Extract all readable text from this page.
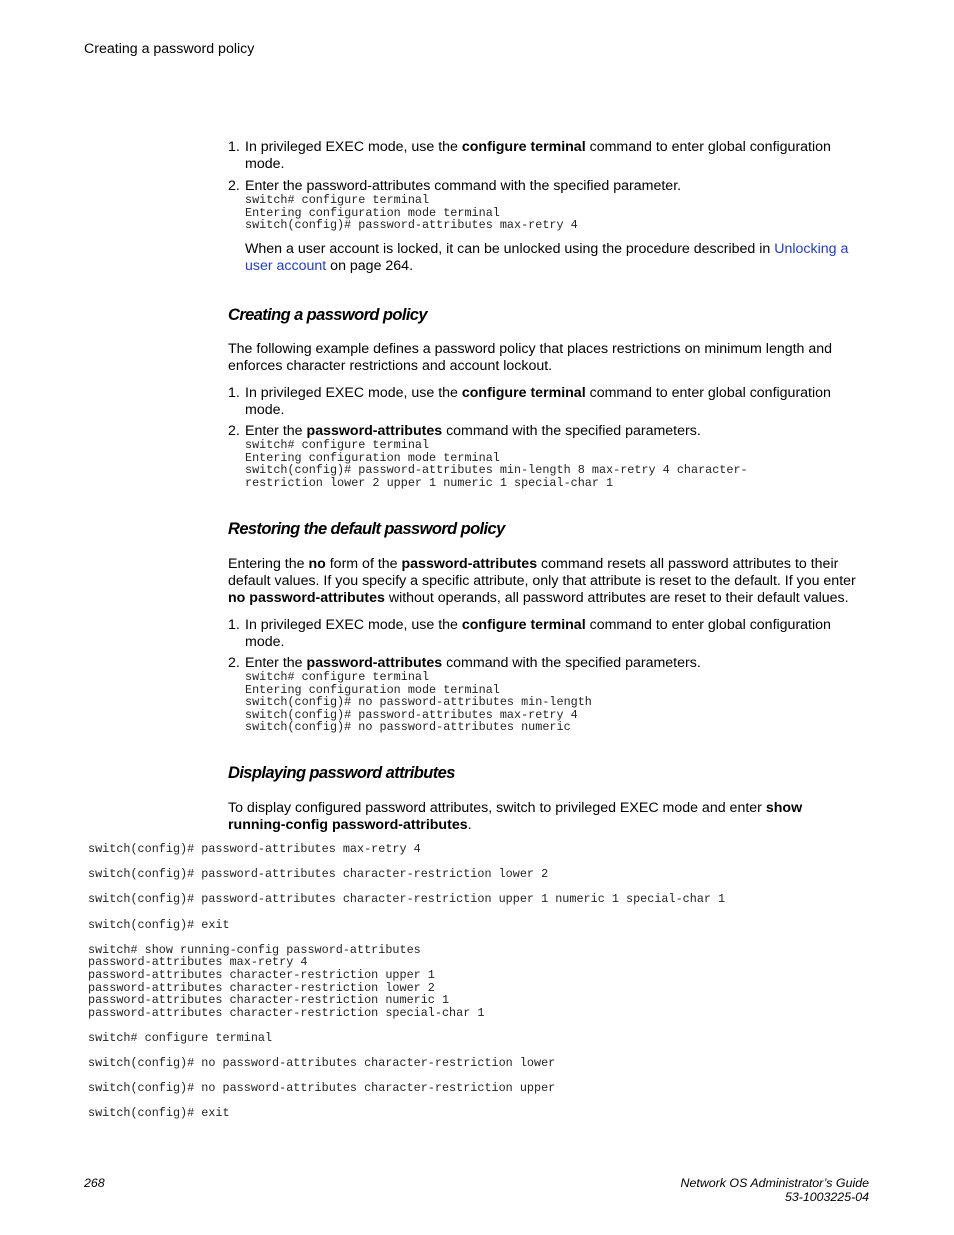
Creating a password policy
1. In privileged EXEC mode, use the configure terminal command to enter global configuration mode.
2. Enter the password-attributes command with the specified parameter.
switch# configure terminal
Entering configuration mode terminal
switch(config)# password-attributes max-retry 4
When a user account is locked, it can be unlocked using the procedure described in Unlocking a user account on page 264.
Creating a password policy
The following example defines a password policy that places restrictions on minimum length and enforces character restrictions and account lockout.
1. In privileged EXEC mode, use the configure terminal command to enter global configuration mode.
2. Enter the password-attributes command with the specified parameters.
switch# configure terminal
Entering configuration mode terminal
switch(config)# password-attributes min-length 8 max-retry 4 character-
restriction lower 2 upper 1 numeric 1 special-char 1
Restoring the default password policy
Entering the no form of the password-attributes command resets all password attributes to their default values. If you specify a specific attribute, only that attribute is reset to the default. If you enter no password-attributes without operands, all password attributes are reset to their default values.
1. In privileged EXEC mode, use the configure terminal command to enter global configuration mode.
2. Enter the password-attributes command with the specified parameters.
switch# configure terminal
Entering configuration mode terminal
switch(config)# no password-attributes min-length
switch(config)# password-attributes max-retry 4
switch(config)# no password-attributes numeric
Displaying password attributes
To display configured password attributes, switch to privileged EXEC mode and enter show running-config password-attributes.
switch(config)# password-attributes max-retry 4

switch(config)# password-attributes character-restriction lower 2

switch(config)# password-attributes character-restriction upper 1 numeric 1 special-char 1

switch(config)# exit

switch# show running-config password-attributes
password-attributes max-retry 4
password-attributes character-restriction upper 1
password-attributes character-restriction lower 2
password-attributes character-restriction numeric 1
password-attributes character-restriction special-char 1

switch# configure terminal

switch(config)# no password-attributes character-restriction lower

switch(config)# no password-attributes character-restriction upper

switch(config)# exit
268	Network OS Administrator’s Guide
53-1003225-04
